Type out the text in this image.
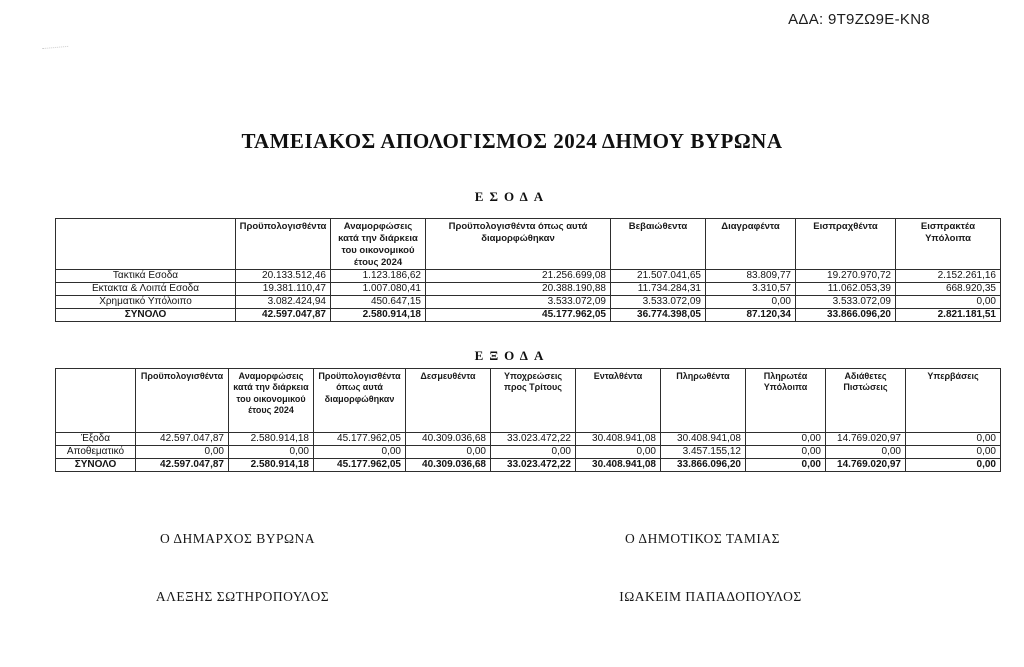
ΑΔΑ: 9T9ZΩ9E-KN8
ΤΑΜΕΙΑΚΟΣ ΑΠΟΛΟΓΙΣΜΟΣ 2024 ΔΗΜΟΥ ΒΥΡΩΝΑ
ΕΣΟΔΑ
	Προϋπολογισθέντα	Αναμορφώσεις κατά την διάρκεια του οικονομικού έτους 2024	Προϋπολογισθέντα όπως αυτά διαμορφώθηκαν	Βεβαιώθεντα	Διαγραφέντα	Εισπραχθέντα	Εισπρακτέα Υπόλοιπα
Τακτικά Εσοδα	20.133.512,46	1.123.186,62	21.256.699,08	21.507.041,65	83.809,77	19.270.970,72	2.152.261,16
Εκτακτα & Λοιπά Εσοδα	19.381.110,47	1.007.080,41	20.388.190,88	11.734.284,31	3.310,57	11.062.053,39	668.920,35
Χρηματικό Υπόλοιπο	3.082.424,94	450.647,15	3.533.072,09	3.533.072,09	0,00	3.533.072,09	0,00
ΣΥΝΟΛΟ	42.597.047,87	2.580.914,18	45.177.962,05	36.774.398,05	87.120,34	33.866.096,20	2.821.181,51
ΕΞΟΔΑ
	Προϋπολογισθέντα	Αναμορφώσεις κατά την διάρκεια του οικονομικού έτους 2024	Προϋπολογισθέντα όπως αυτά διαμορφώθηκαν	Δεσμευθέντα	Υποχρεώσεις προς Τρίτους	Ενταλθέντα	Πληρωθέντα	Πληρωτέα Υπόλοιπα	Αδιάθετες Πιστώσεις	Υπερβάσεις
Έξοδα	42.597.047,87	2.580.914,18	45.177.962,05	40.309.036,68	33.023.472,22	30.408.941,08	30.408.941,08	0,00	14.769.020,97	0,00
Αποθεματικό	0,00	0,00	0,00	0,00	0,00	0,00	3.457.155,12	0,00	0,00	0,00
ΣΥΝΟΛΟ	42.597.047,87	2.580.914,18	45.177.962,05	40.309.036,68	33.023.472,22	30.408.941,08	33.866.096,20	0,00	14.769.020,97	0,00
Ο ΔΗΜΑΡΧΟΣ ΒΥΡΩΝΑ	Ο ΔΗΜΟΤΙΚΟΣ ΤΑΜΙΑΣ
ΑΛΕΞΗΣ ΣΩΤΗΡΟΠΟΥΛΟΣ	ΙΩΑΚΕΙΜ ΠΑΠΑΔΟΠΟΥΛΟΣ
